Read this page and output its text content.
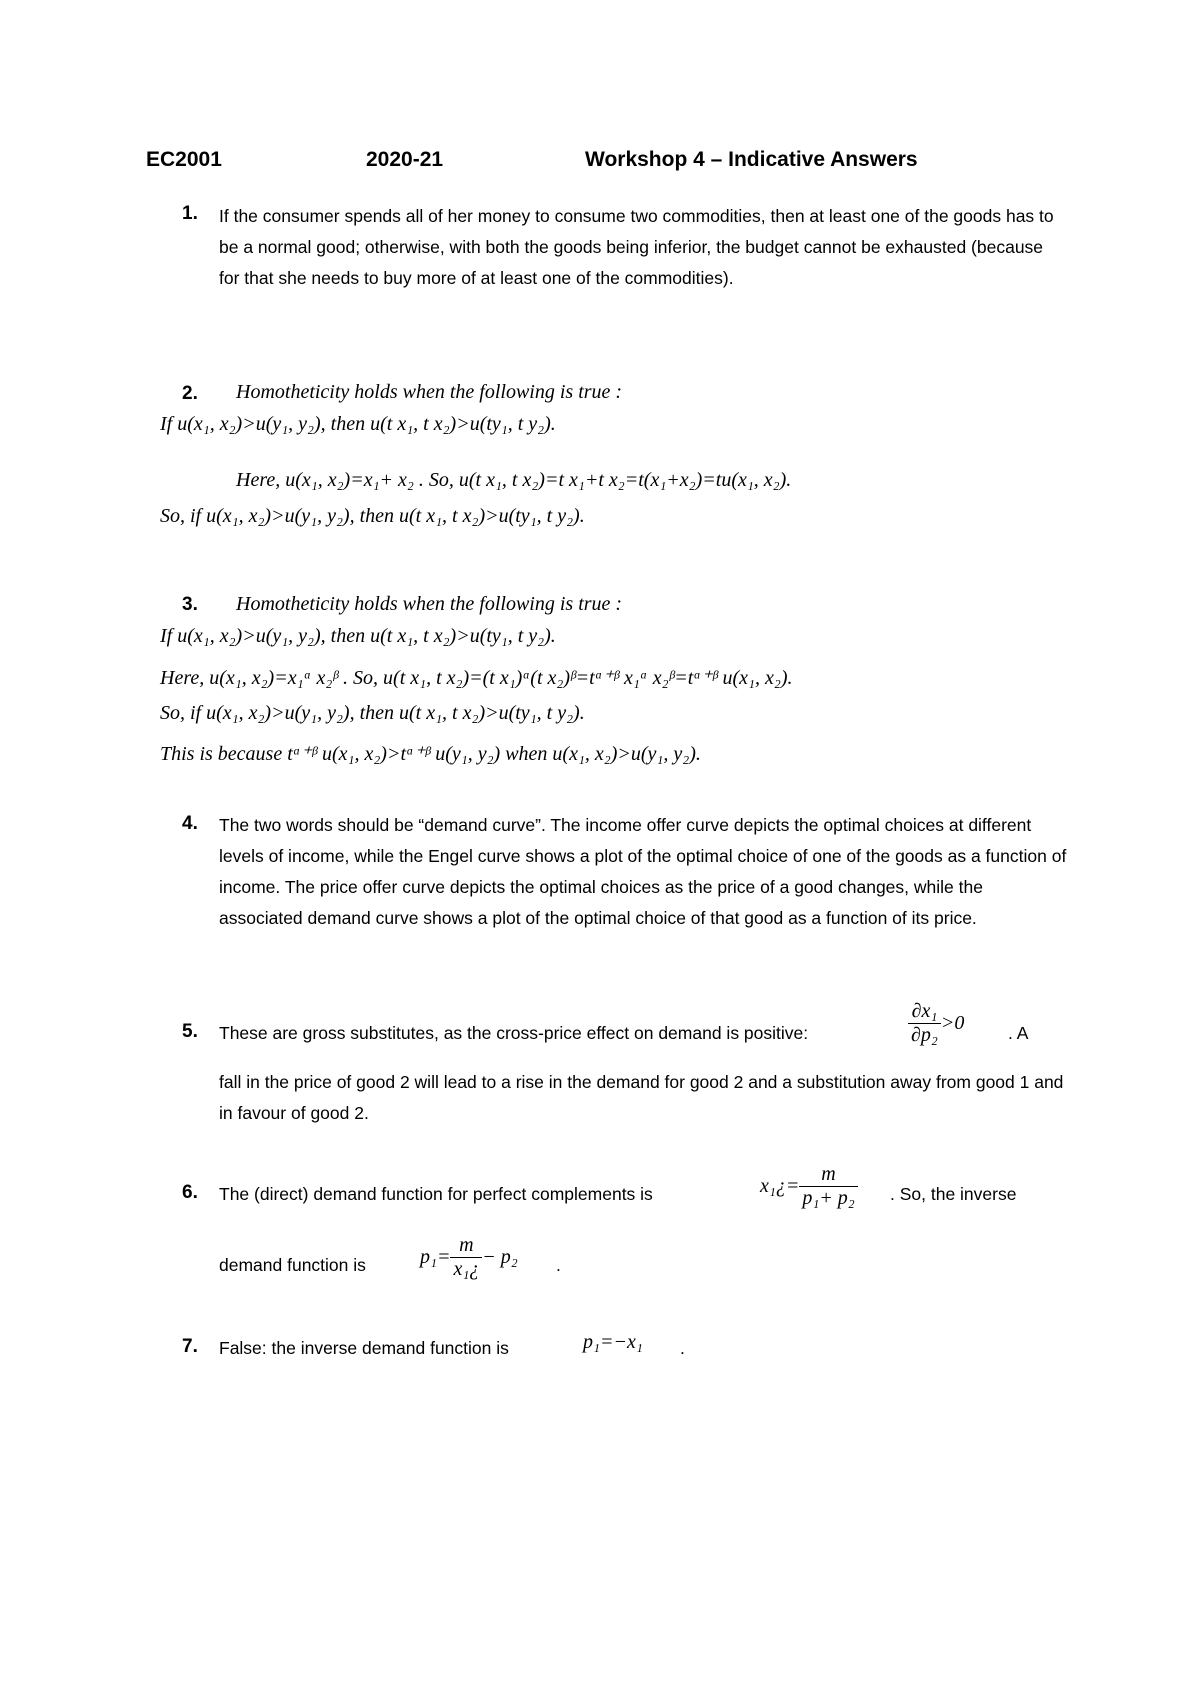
EC2001	2020-21	Workshop 4 – Indicative Answers
1. If the consumer spends all of her money to consume two commodities, then at least one of the goods has to be a normal good; otherwise, with both the goods being inferior, the budget cannot be exhausted (because for that she needs to buy more of at least one of the commodities).
2. Homotheticity holds when the following is true :
If u(x₁, x₂)>u(y₁, y₂), then u(t x₁, t x₂)>u(ty₁, t y₂).
Here, u(x₁, x₂)=x₁+ x₂ . So, u(t x₁, t x₂)=t x₁+t x₂=t(x₁+x₂)=tu(x₁, x₂).
So, if u(x₁, x₂)>u(y₁, y₂), then u(t x₁, t x₂)>u(ty₁, t y₂).
3. Homotheticity holds when the following is true :
If u(x₁, x₂)>u(y₁, y₂), then u(t x₁, t x₂)>u(ty₁, t y₂).
Here, u(x₁, x₂)=x₁ᵅ x₂ᵝ . So, u(t x₁, t x₂)=(t x₁)ᵅ(t x₂)ᵝ=tᵅ⁺ᵝ x₁ᵅ x₂ᵝ=tᵅ⁺ᵝ u(x₁, x₂).
So, if u(x₁, x₂)>u(y₁, y₂), then u(t x₁, t x₂)>u(ty₁, t y₂).
This is because tᵅ⁺ᵝ u(x₁, x₂)>tᵅ⁺ᵝ u(y₁, y₂) when u(x₁, x₂)>u(y₁, y₂).
4. The two words should be “demand curve”. The income offer curve depicts the optimal choices at different levels of income, while the Engel curve shows a plot of the optimal choice of one of the goods as a function of income. The price offer curve depicts the optimal choices as the price of a good changes, while the associated demand curve shows a plot of the optimal choice of that good as a function of its price.
5. These are gross substitutes, as the cross-price effect on demand is positive:	$\frac{\text{∂x₁}}{\text{∂p₂}} >0$ . A
fall in the price of good 2 will lead to a rise in the demand for good 2 and a substitution away from good 1 and in favour of good 2.
6. The (direct) demand function for perfect complements is	x₁¿= $\frac{m}{\text{p₁+ p₂}}$ . So, the inverse
demand function is	$p_1= \frac{m}{\text{x₁¿}} - p_2$ .
7. False: the inverse demand function is	p₁=−x₁ .
